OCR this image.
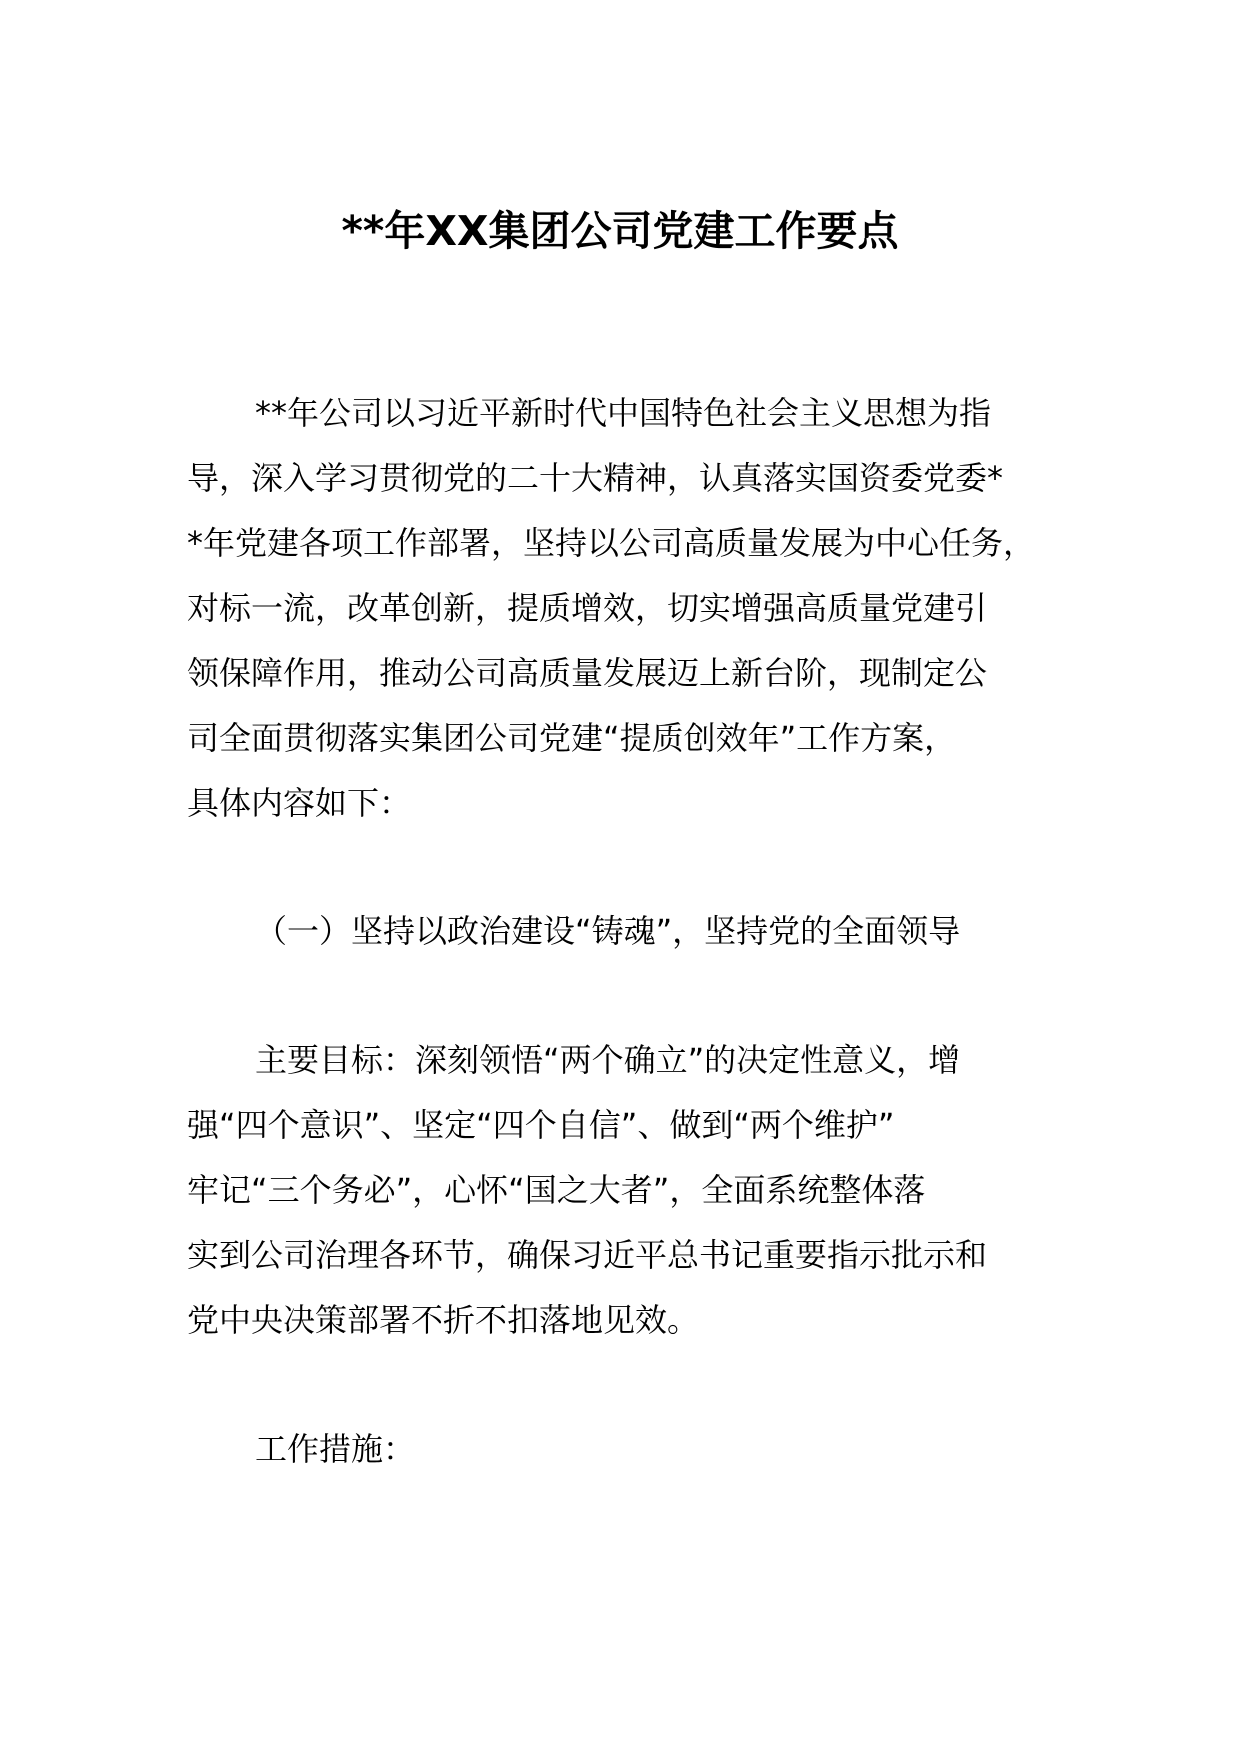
**年XX集团公司党建工作要点

**年公司以习近平新时代中国特色社会主义思想为指
导，深入学习贯彻党的二十大精神，认真落实国资委党委*
*年党建各项工作部署，坚持以公司高质量发展为中心任务，
对标一流，改革创新，提质增效，切实增强高质量党建引
领保障作用，推动公司高质量发展迈上新台阶，现制定公
司全面贯彻落实集团公司党建“提质创效年”工作方案，
具体内容如下：

（一）坚持以政治建设“铸魂”，坚持党的全面领导

主要目标：深刻领悟“两个确立”的决定性意义，增
强“四个意识”、坚定“四个自信”、做到“两个维护”
牢记“三个务必”，心怀“国之大者”，全面系统整体落
实到公司治理各环节，确保习近平总书记重要指示批示和
党中央决策部署不折不扣落地见效。

工作措施：
